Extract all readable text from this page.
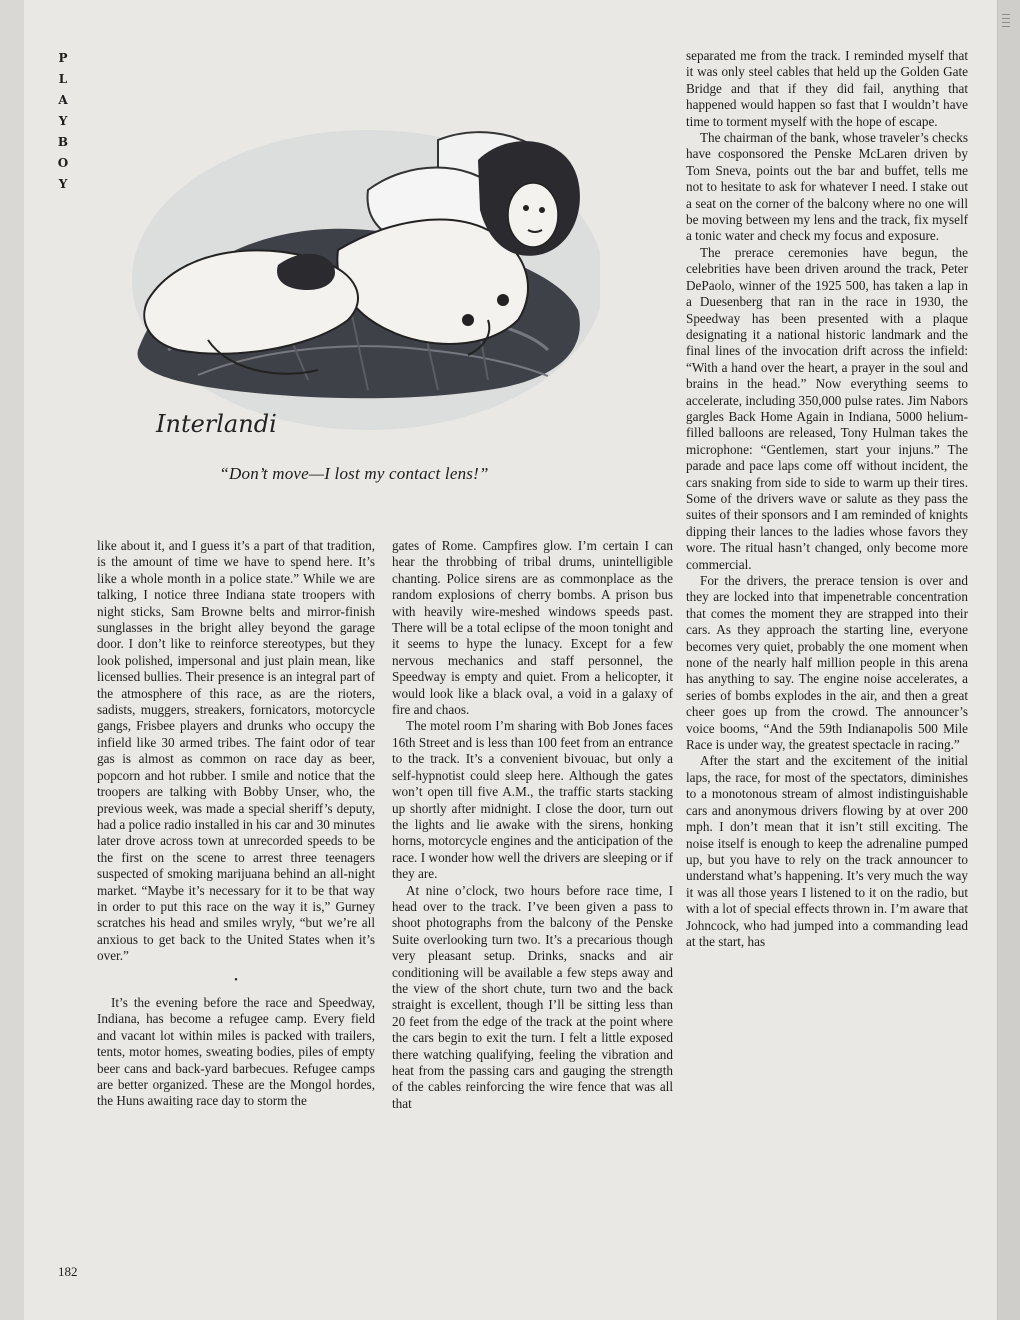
P
L
A
Y
B
O
Y
Interlandi
“Don’t move—I lost my contact lens!”

like about it, and I guess it’s a part of that tradition, is the amount of time we have to spend here. It’s like a whole month in a police state.” While we are talking, I notice three Indiana state troopers with night sticks, Sam Browne belts and mirror-finish sunglasses in the bright alley beyond the garage door. I don’t like to reinforce stereotypes, but they look polished, impersonal and just plain mean, like licensed bullies. Their presence is an integral part of the atmosphere of this race, as are the rioters, sadists, muggers, streakers, fornicators, motorcycle gangs, Frisbee players and drunks who occupy the infield like 30 armed tribes. The faint odor of tear gas is almost as common on race day as beer, popcorn and hot rubber. I smile and notice that the troopers are talking with Bobby Unser, who, the previous week, was made a special sheriff’s deputy, had a police radio installed in his car and 30 minutes later drove across town at unrecorded speeds to be the first on the scene to arrest three teenagers suspected of smoking marijuana behind an all-night market. “Maybe it’s necessary for it to be that way in order to put this race on the way it is,” Gurney scratches his head and smiles wryly, “but we’re all anxious to get back to the United States when it’s over.”

•

It’s the evening before the race and Speedway, Indiana, has become a refugee camp. Every field and vacant lot within miles is packed with trailers, tents, motor homes, sweating bodies, piles of empty beer cans and back-yard barbecues. Refugee camps are better organized. These are the Mongol hordes, the Huns awaiting race day to storm the

gates of Rome. Campfires glow. I’m certain I can hear the throbbing of tribal drums, unintelligible chanting. Police sirens are as commonplace as the random explosions of cherry bombs. A prison bus with heavily wire-meshed windows speeds past. There will be a total eclipse of the moon tonight and it seems to hype the lunacy. Except for a few nervous mechanics and staff personnel, the Speedway is empty and quiet. From a helicopter, it would look like a black oval, a void in a galaxy of fire and chaos.

The motel room I’m sharing with Bob Jones faces 16th Street and is less than 100 feet from an entrance to the track. It’s a convenient bivouac, but only a self-hypnotist could sleep here. Although the gates won’t open till five A.M., the traffic starts stacking up shortly after midnight. I close the door, turn out the lights and lie awake with the sirens, honking horns, motorcycle engines and the anticipation of the race. I wonder how well the drivers are sleeping or if they are.

At nine o’clock, two hours before race time, I head over to the track. I’ve been given a pass to shoot photographs from the balcony of the Penske Suite overlooking turn two. It’s a precarious though very pleasant setup. Drinks, snacks and air conditioning will be available a few steps away and the view of the short chute, turn two and the back straight is excellent, though I’ll be sitting less than 20 feet from the edge of the track at the point where the cars begin to exit the turn. I felt a little exposed there watching qualifying, feeling the vibration and heat from the passing cars and gauging the strength of the cables reinforcing the wire fence that was all that

separated me from the track. I reminded myself that it was only steel cables that held up the Golden Gate Bridge and that if they did fail, anything that happened would happen so fast that I wouldn’t have time to torment myself with the hope of escape.

The chairman of the bank, whose traveler’s checks have cosponsored the Penske McLaren driven by Tom Sneva, points out the bar and buffet, tells me not to hesitate to ask for whatever I need. I stake out a seat on the corner of the balcony where no one will be moving between my lens and the track, fix myself a tonic water and check my focus and exposure.

The prerace ceremonies have begun, the celebrities have been driven around the track, Peter DePaolo, winner of the 1925 500, has taken a lap in a Duesenberg that ran in the race in 1930, the Speedway has been presented with a plaque designating it a national historic landmark and the final lines of the invocation drift across the infield: “With a hand over the heart, a prayer in the soul and brains in the head.” Now everything seems to accelerate, including 350,000 pulse rates. Jim Nabors gargles Back Home Again in Indiana, 5000 helium-filled balloons are released, Tony Hulman takes the microphone: “Gentlemen, start your injuns.” The parade and pace laps come off without incident, the cars snaking from side to side to warm up their tires. Some of the drivers wave or salute as they pass the suites of their sponsors and I am reminded of knights dipping their lances to the ladies whose favors they wore. The ritual hasn’t changed, only become more commercial.

For the drivers, the prerace tension is over and they are locked into that impenetrable concentration that comes the moment they are strapped into their cars. As they approach the starting line, everyone becomes very quiet, probably the one moment when none of the nearly half million people in this arena has anything to say. The engine noise accelerates, a series of bombs explodes in the air, and then a great cheer goes up from the crowd. The announcer’s voice booms, “And the 59th Indianapolis 500 Mile Race is under way, the greatest spectacle in racing.”

After the start and the excitement of the initial laps, the race, for most of the spectators, diminishes to a monotonous stream of almost indistinguishable cars and anonymous drivers flowing by at over 200 mph. I don’t mean that it isn’t still exciting. The noise itself is enough to keep the adrenaline pumped up, but you have to rely on the track announcer to understand what’s happening. It’s very much the way it was all those years I listened to it on the radio, but with a lot of special effects thrown in. I’m aware that Johncock, who had jumped into a commanding lead at the start, has

182
